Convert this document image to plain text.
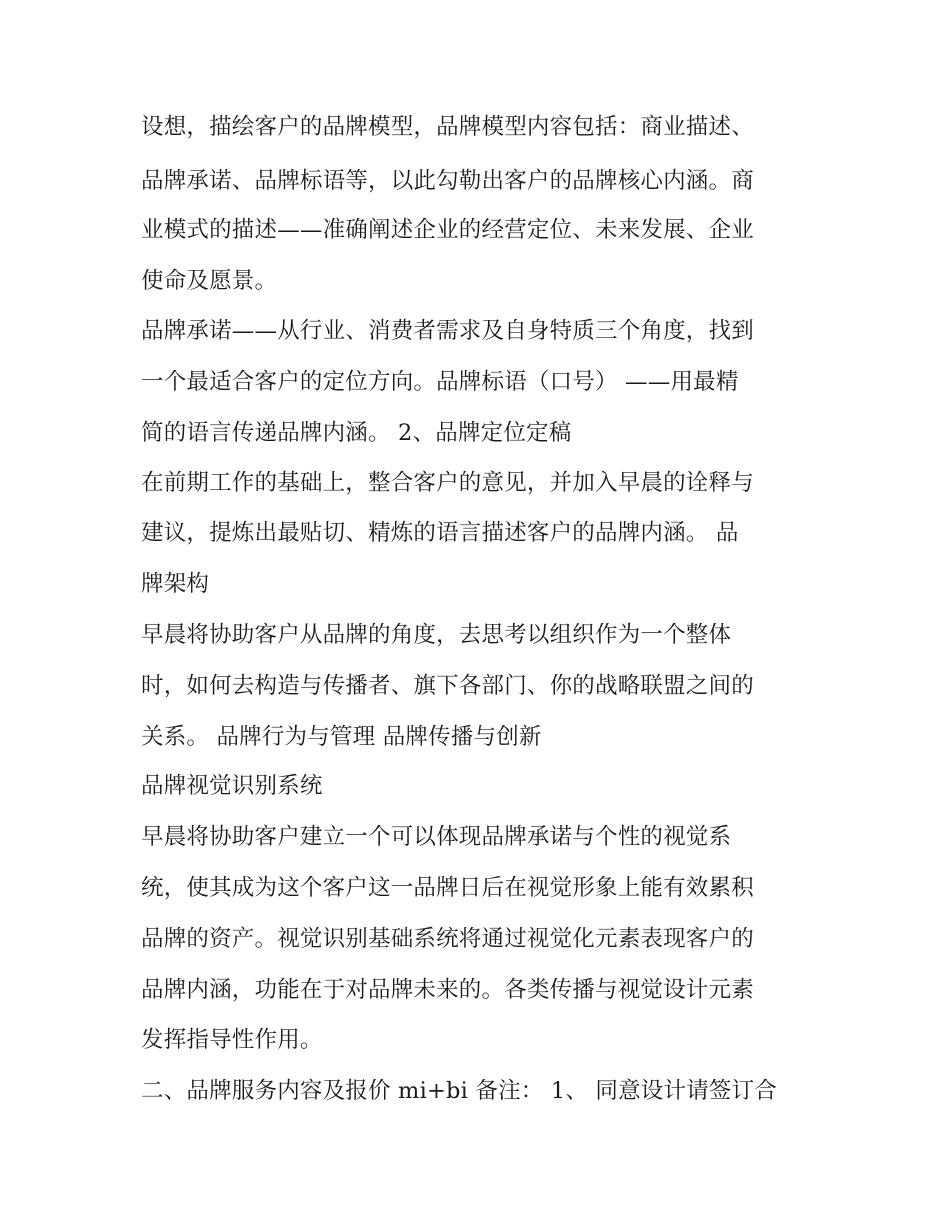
设想，描绘客户的品牌模型，品牌模型内容包括：商业描述、
品牌承诺、品牌标语等，以此勾勒出客户的品牌核心内涵。商
业模式的描述——准确阐述企业的经营定位、未来发展、企业
使命及愿景。
品牌承诺——从行业、消费者需求及自身特质三个角度，找到
一个最适合客户的定位方向。品牌标语（口号） ——用最精
简的语言传递品牌内涵。 2、品牌定位定稿
在前期工作的基础上，整合客户的意见，并加入早晨的诠释与
建议，提炼出最贴切、精炼的语言描述客户的品牌内涵。 品
牌架构
早晨将协助客户从品牌的角度，去思考以组织作为一个整体
时，如何去构造与传播者、旗下各部门、你的战略联盟之间的
关系。 品牌行为与管理 品牌传播与创新
品牌视觉识别系统
早晨将协助客户建立一个可以体现品牌承诺与个性的视觉系
统，使其成为这个客户这一品牌日后在视觉形象上能有效累积
品牌的资产。视觉识别基础系统将通过视觉化元素表现客户的
品牌内涵，功能在于对品牌未来的。各类传播与视觉设计元素
发挥指导性作用。
二、品牌服务内容及报价 mi+bi 备注： 1、 同意设计请签订合
